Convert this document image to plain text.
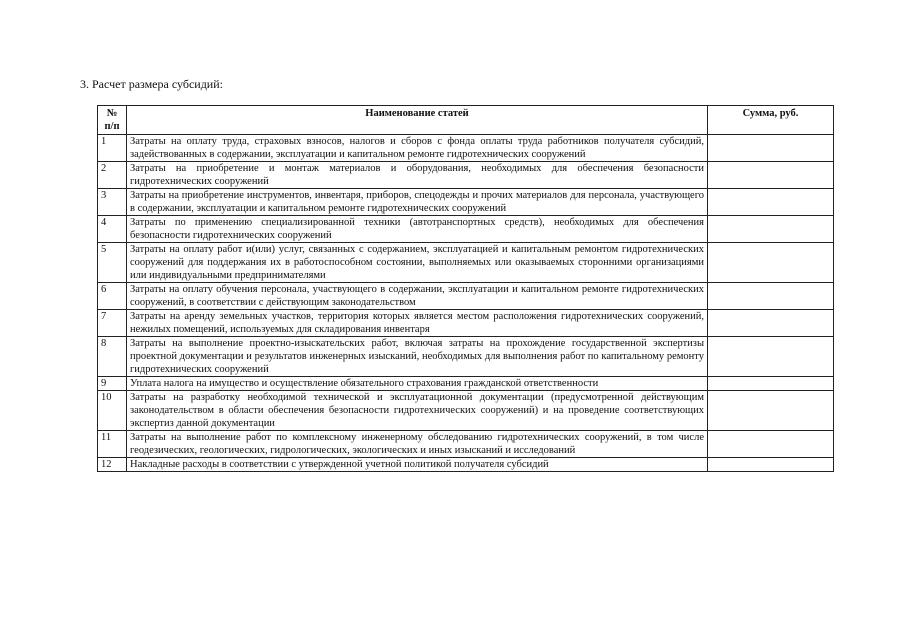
3. Расчет размера субсидий:
№
п/п	Наименование статей	Сумма, руб.
1	Затраты на оплату труда, страховых взносов, налогов и сборов с фонда оплаты труда работников получателя субсидий, задействованных в содержании, эксплуатации и капитальном ремонте гидротехнических сооружений	
2	Затраты на приобретение и монтаж материалов и оборудования, необходимых для обеспечения безопасности гидротехнических сооружений	
3	Затраты на приобретение инструментов, инвентаря, приборов, спецодежды и прочих материалов для персонала, участвующего в содержании, эксплуатации и капитальном ремонте гидротехнических сооружений	
4	Затраты по применению специализированной техники (автотранспортных средств), необходимых для обеспечения безопасности гидротехнических сооружений	
5	Затраты на оплату работ и(или) услуг, связанных с содержанием, эксплуатацией и капитальным ремонтом гидротехнических сооружений для поддержания их в работоспособном состоянии, выполняемых или оказываемых сторонними организациями или индивидуальными предпринимателями	
6	Затраты на оплату обучения персонала, участвующего в содержании, эксплуатации и капитальном ремонте гидротехнических сооружений, в соответствии с действующим законодательством	
7	Затраты на аренду земельных участков, территория которых является местом расположения гидротехнических сооружений, нежилых помещений, используемых для складирования инвентаря	
8	Затраты на выполнение проектно-изыскательских работ, включая затраты на прохождение государственной экспертизы проектной документации и результатов инженерных изысканий, необходимых для выполнения работ по капитальному ремонту гидротехнических сооружений	
9	Уплата налога на имущество и осуществление обязательного страхования гражданской ответственности	
10	Затраты на разработку необходимой технической и эксплуатационной документации (предусмотренной действующим законодательством в области обеспечения безопасности гидротехнических сооружений) и на проведение соответствующих экспертиз данной документации	
11	Затраты на выполнение работ по комплексному инженерному обследованию гидротехнических сооружений, в том числе геодезических, геологических, гидрологических, экологических и иных изысканий и исследований	
12	Накладные расходы в соответствии с утвержденной учетной политикой получателя субсидий	
